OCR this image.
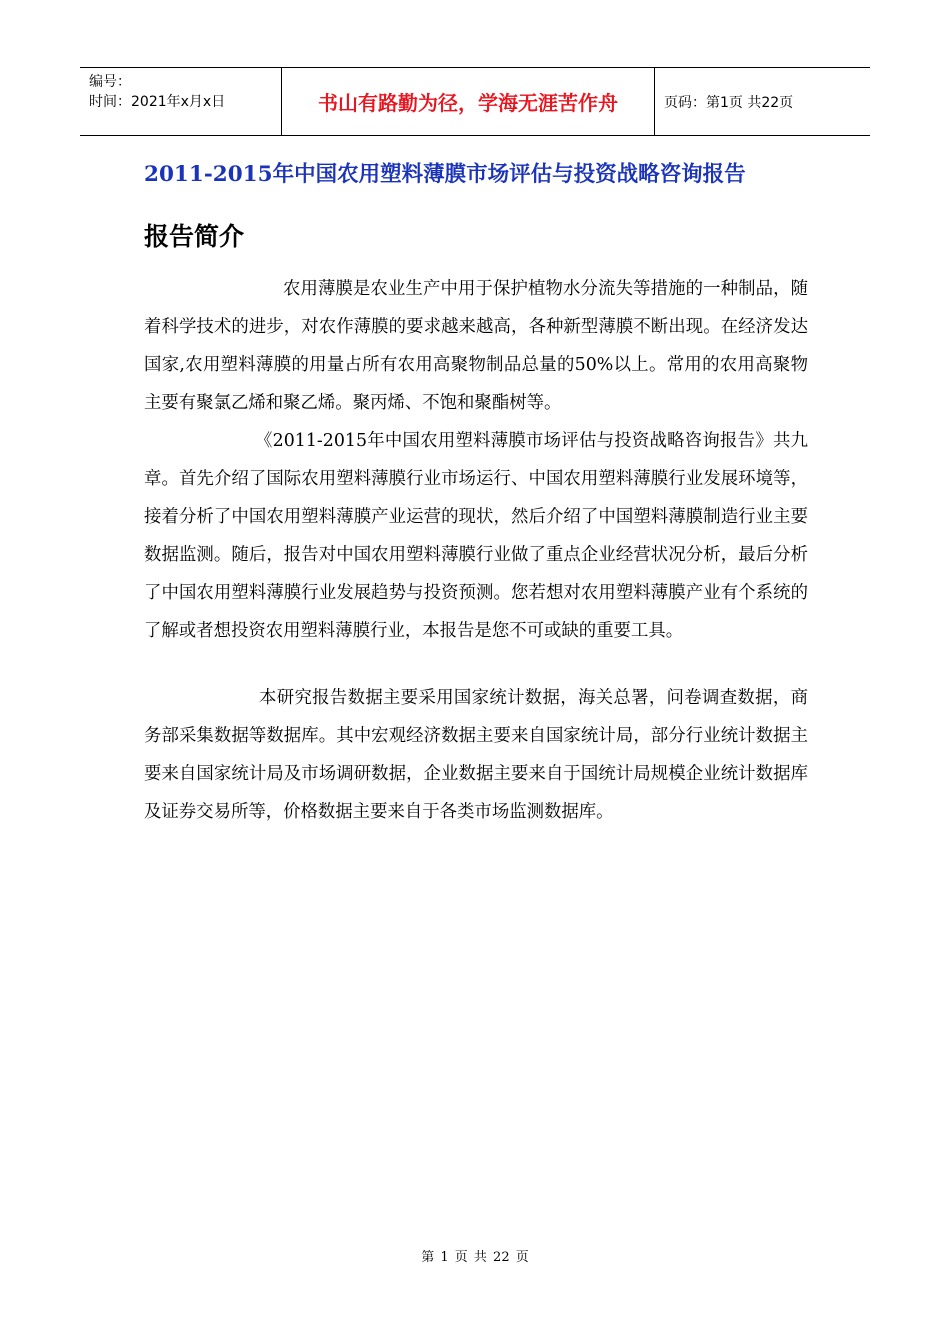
编号：
时间：2021年x月x日	书山有路勤为径，学海无涯苦作舟	页码：第1页 共22页
2011-2015年中国农用塑料薄膜市场评估与投资战略咨询报告
报告简介

农用薄膜是农业生产中用于保护植物水分流失等措施的一种制品，随着科学技术的进步，对农作薄膜的要求越来越高，各种新型薄膜不断出现。在经济发达国家,农用塑料薄膜的用量占所有农用高聚物制品总量的50%以上。常用的农用高聚物主要有聚氯乙烯和聚乙烯。聚丙烯、不饱和聚酯树等。

《2011-2015年中国农用塑料薄膜市场评估与投资战略咨询报告》共九章。首先介绍了国际农用塑料薄膜行业市场运行、中国农用塑料薄膜行业发展环境等，接着分析了中国农用塑料薄膜产业运营的现状，然后介绍了中国塑料薄膜制造行业主要数据监测。随后，报告对中国农用塑料薄膜行业做了重点企业经营状况分析，最后分析了中国农用塑料薄膜行业发展趋势与投资预测。您若想对农用塑料薄膜产业有个系统的了解或者想投资农用塑料薄膜行业，本报告是您不可或缺的重要工具。

本研究报告数据主要采用国家统计数据，海关总署，问卷调查数据，商务部采集数据等数据库。其中宏观经济数据主要来自国家统计局，部分行业统计数据主要来自国家统计局及市场调研数据，企业数据主要来自于国统计局规模企业统计数据库及证券交易所等，价格数据主要来自于各类市场监测数据库。

第 1 页 共 22 页
